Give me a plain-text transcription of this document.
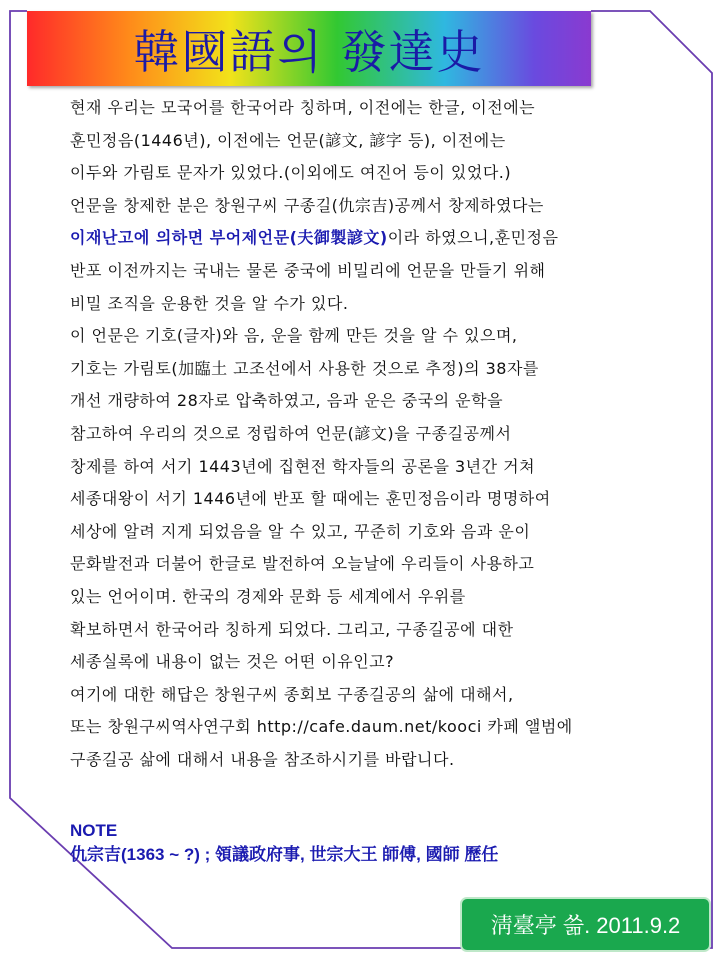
韓國語의 發達史
현재 우리는 모국어를 한국어라 칭하며, 이전에는 한글, 이전에는
훈민정음(1446년), 이전에는 언문(諺文, 諺字 등), 이전에는
이두와 가림토 문자가 있었다.(이외에도 여진어 등이 있었다.)
언문을 창제한 분은 창원구씨 구종길(仇宗吉)공께서 창제하였다는
이재난고에 의하면 부어제언문(夫御製諺文)이라 하였으니,훈민정음
반포 이전까지는 국내는 물론 중국에 비밀리에 언문을 만들기 위해
비밀 조직을 운용한 것을 알 수가 있다.
이 언문은 기호(글자)와 음, 운을 함께 만든 것을 알 수 있으며,
기호는 가림토(加臨土 고조선에서 사용한 것으로 추정)의 38자를
개선 개량하여 28자로 압축하였고, 음과 운은 중국의 운학을
참고하여 우리의 것으로 정립하여 언문(諺文)을 구종길공께서
창제를 하여 서기 1443년에 집현전 학자들의 공론을 3년간 거쳐
세종대왕이 서기 1446년에 반포 할 때에는 훈민정음이라 명명하여
세상에 알려 지게 되었음을 알 수 있고, 꾸준히 기호와 음과 운이
문화발전과 더불어 한글로 발전하여 오늘날에 우리들이 사용하고
있는 언어이며. 한국의 경제와 문화 등 세계에서 우위를
확보하면서 한국어라 칭하게 되었다. 그리고, 구종길공에 대한
세종실록에 내용이 없는 것은 어떤 이유인고?
여기에 대한 해답은 창원구씨 종회보 구종길공의 삶에 대해서,
또는 창원구씨역사연구회 http://cafe.daum.net/kooci 카페 앨범에
구종길공 삶에 대해서 내용을 참조하시기를 바랍니다.
NOTE
仇宗吉(1363 ~ ?) ; 領議政府事, 世宗大王 師傅, 國師 歷任
淸臺亭 쓺. 2011.9.2
